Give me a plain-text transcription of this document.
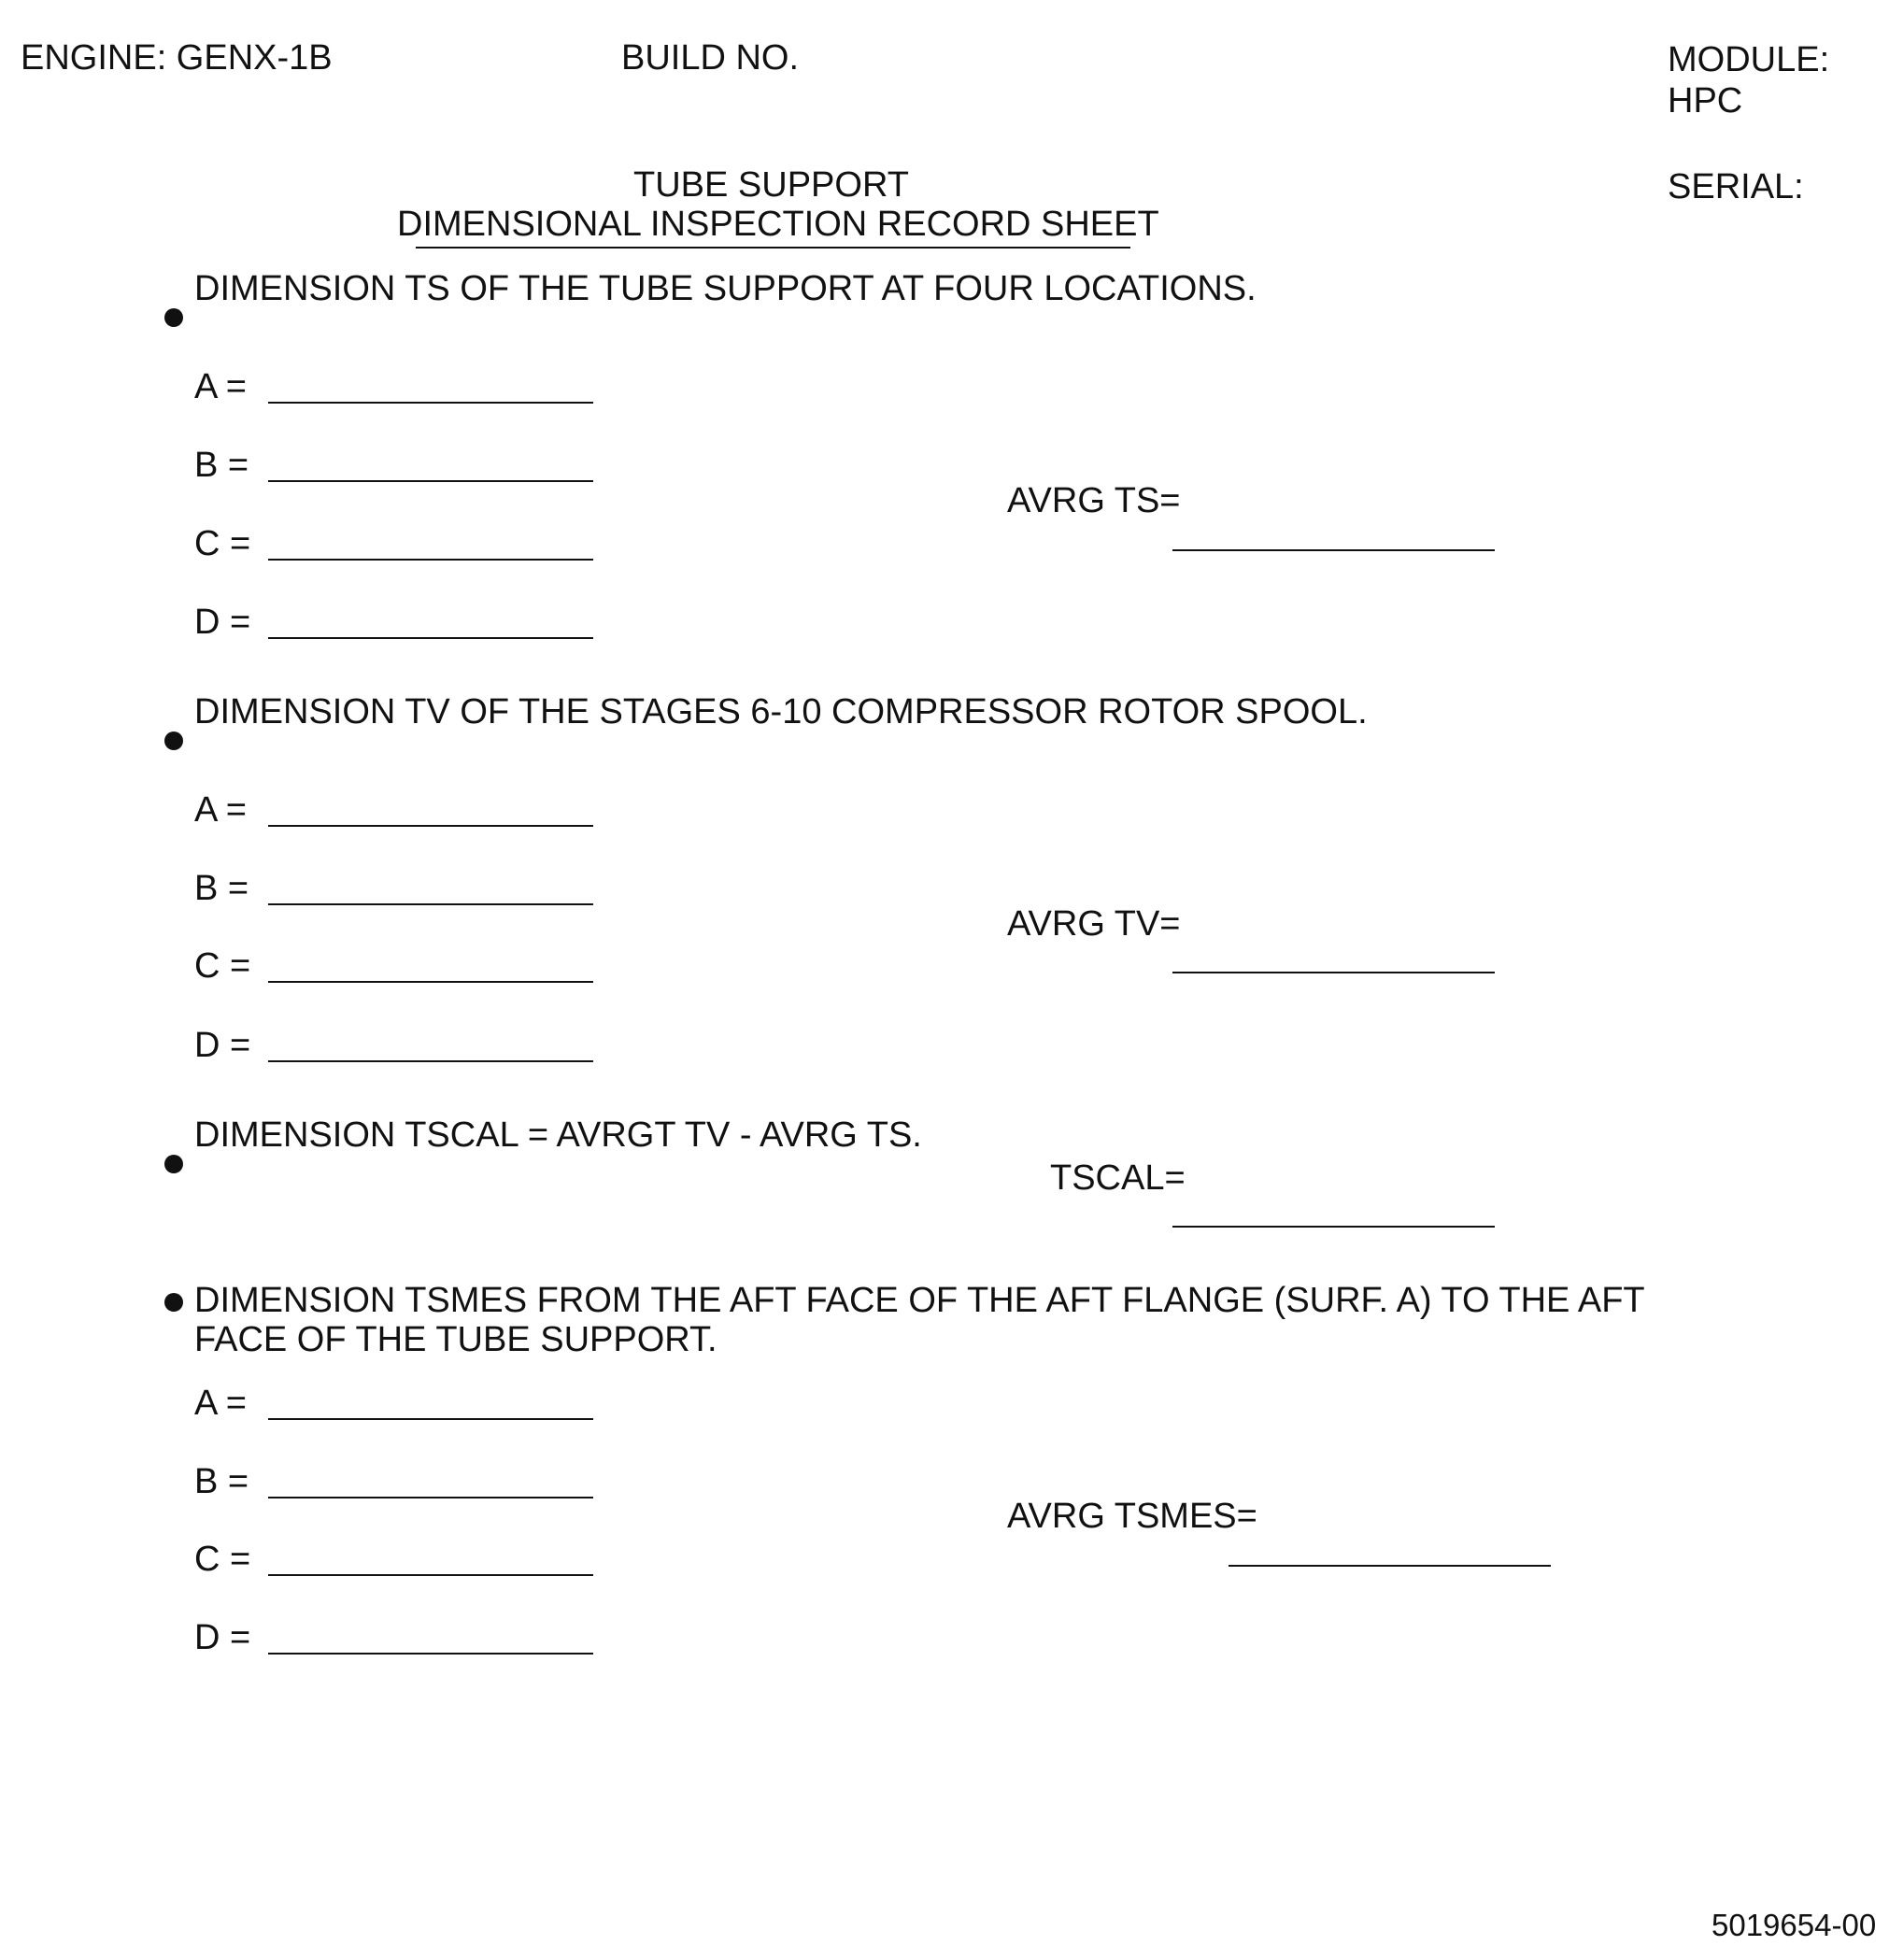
ENGINE: GENX-1B	BUILD NO.	MODULE:
HPC
SERIAL:
TUBE SUPPORT
DIMENSIONAL INSPECTION RECORD SHEET
DIMENSION TS OF THE TUBE SUPPORT AT FOUR LOCATIONS.
A =
B =
C =
D =
AVRG TS=
DIMENSION TV OF THE STAGES 6-10 COMPRESSOR ROTOR SPOOL.
A =
B =
C =
D =
AVRG TV=
DIMENSION TSCAL = AVRGT TV - AVRG TS.
TSCAL=
DIMENSION TSMES FROM THE AFT FACE OF THE AFT FLANGE (SURF. A) TO THE AFT
FACE OF THE TUBE SUPPORT.
A =
B =
C =
D =
AVRG TSMES=
5019654-00
